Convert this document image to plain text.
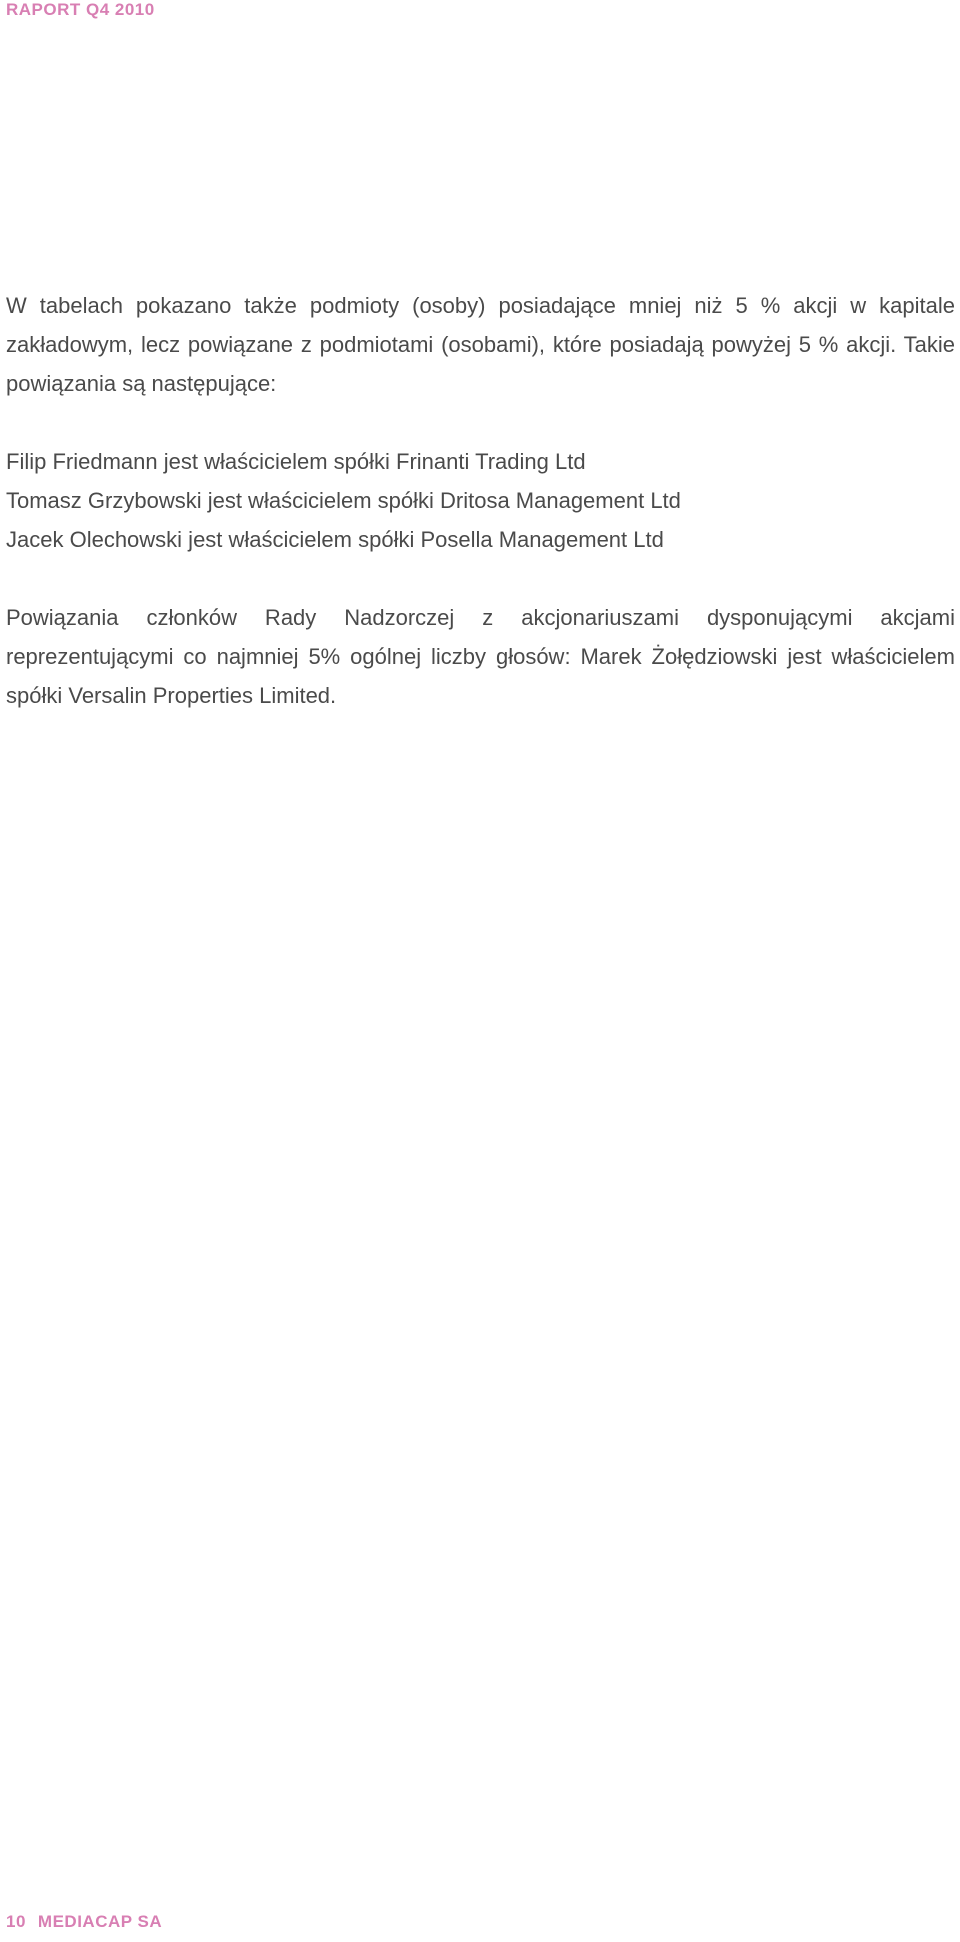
RAPORT Q4 2010

W tabelach pokazano także podmioty (osoby) posiadające mniej niż 5 % akcji w kapitale zakładowym, lecz powiązane z podmiotami (osobami), które posiadają powyżej 5 % akcji. Takie powiązania są następujące:

Filip Friedmann jest właścicielem spółki Frinanti Trading Ltd

Tomasz Grzybowski jest właścicielem spółki Dritosa Management Ltd

Jacek Olechowski jest właścicielem spółki Posella Management Ltd

Powiązania członków Rady Nadzorczej z akcjonariuszami dysponującymi akcjami reprezentującymi co najmniej 5% ogólnej liczby głosów: Marek Żołędziowski jest właścicielem spółki Versalin Properties Limited.

10 MEDIACAP SA
